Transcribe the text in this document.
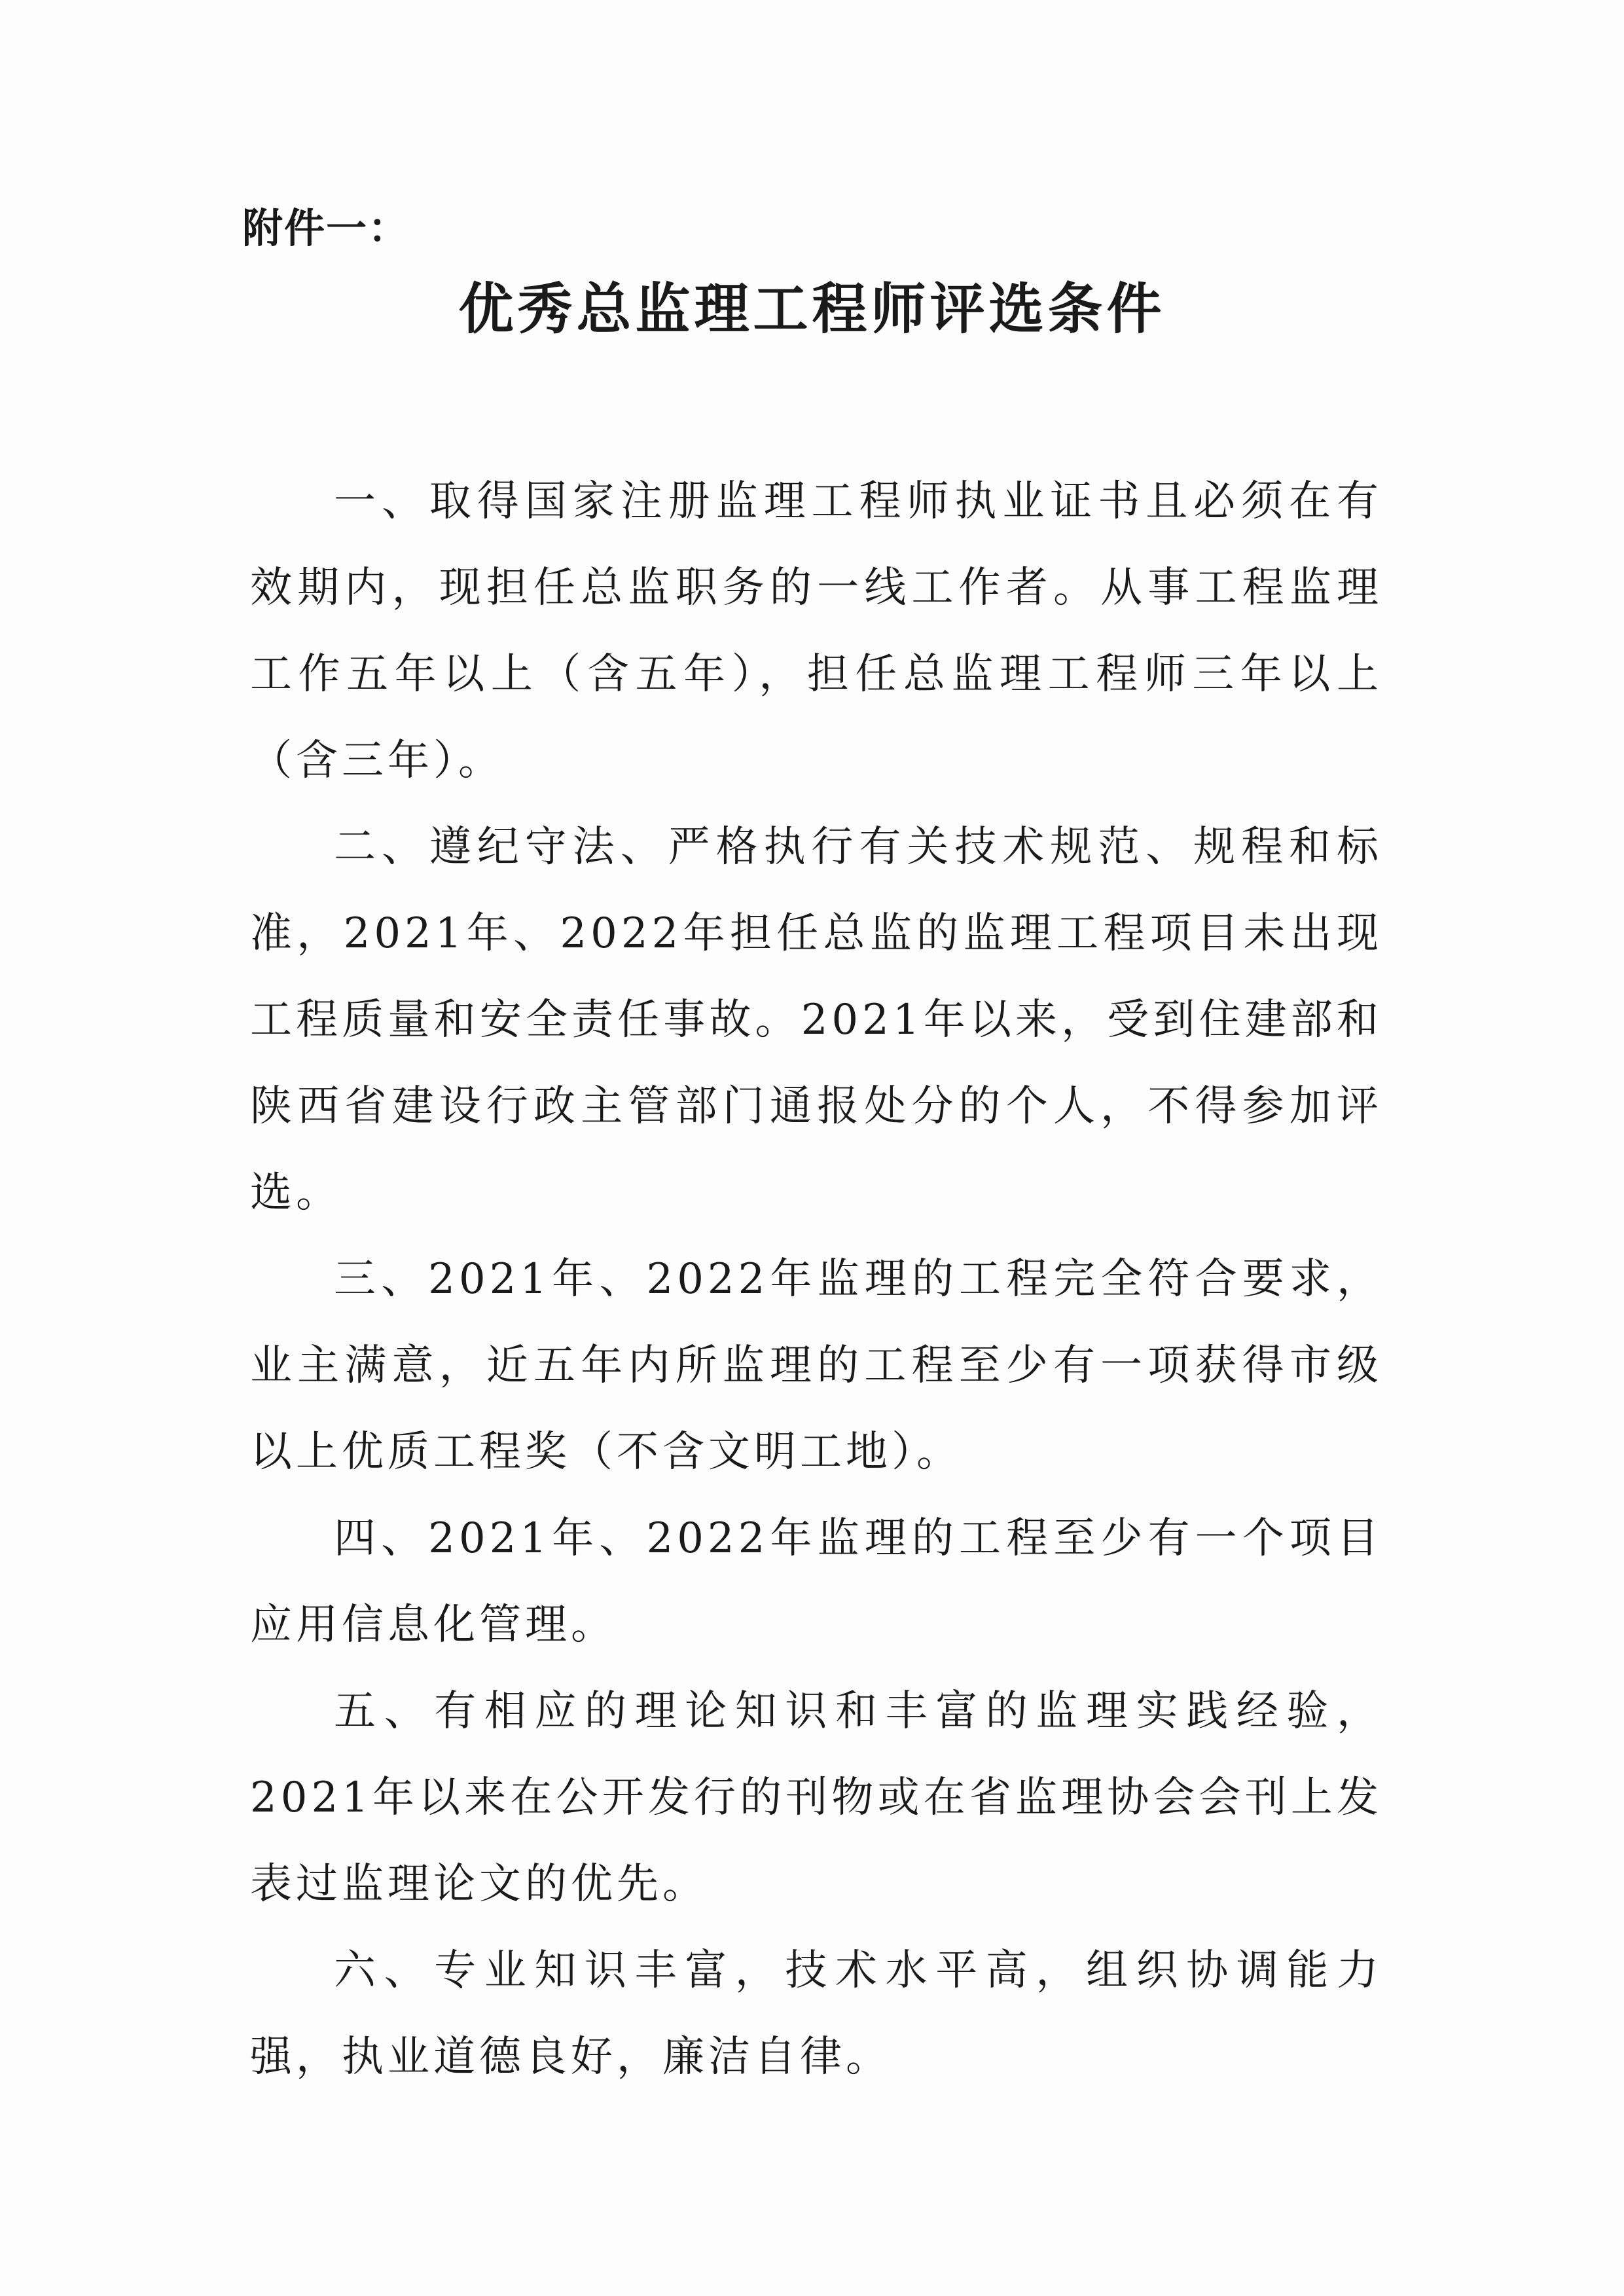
附件一：
优秀总监理工程师评选条件

一、取得国家注册监理工程师执业证书且必须在有效期内，现担任总监职务的一线工作者。从事工程监理工作五年以上（含五年），担任总监理工程师三年以上（含三年）。

二、遵纪守法、严格执行有关技术规范、规程和标准，2021年、2022年担任总监的监理工程项目未出现工程质量和安全责任事故。2021年以来，受到住建部和陕西省建设行政主管部门通报处分的个人，不得参加评选。

三、2021年、2022年监理的工程完全符合要求，业主满意，近五年内所监理的工程至少有一项获得市级以上优质工程奖（不含文明工地）。

四、2021年、2022年监理的工程至少有一个项目应用信息化管理。

五、有相应的理论知识和丰富的监理实践经验， 2021年以来在公开发行的刊物或在省监理协会会刊上发表过监理论文的优先。

六、专业知识丰富，技术水平高，组织协调能力强，执业道德良好，廉洁自律。
